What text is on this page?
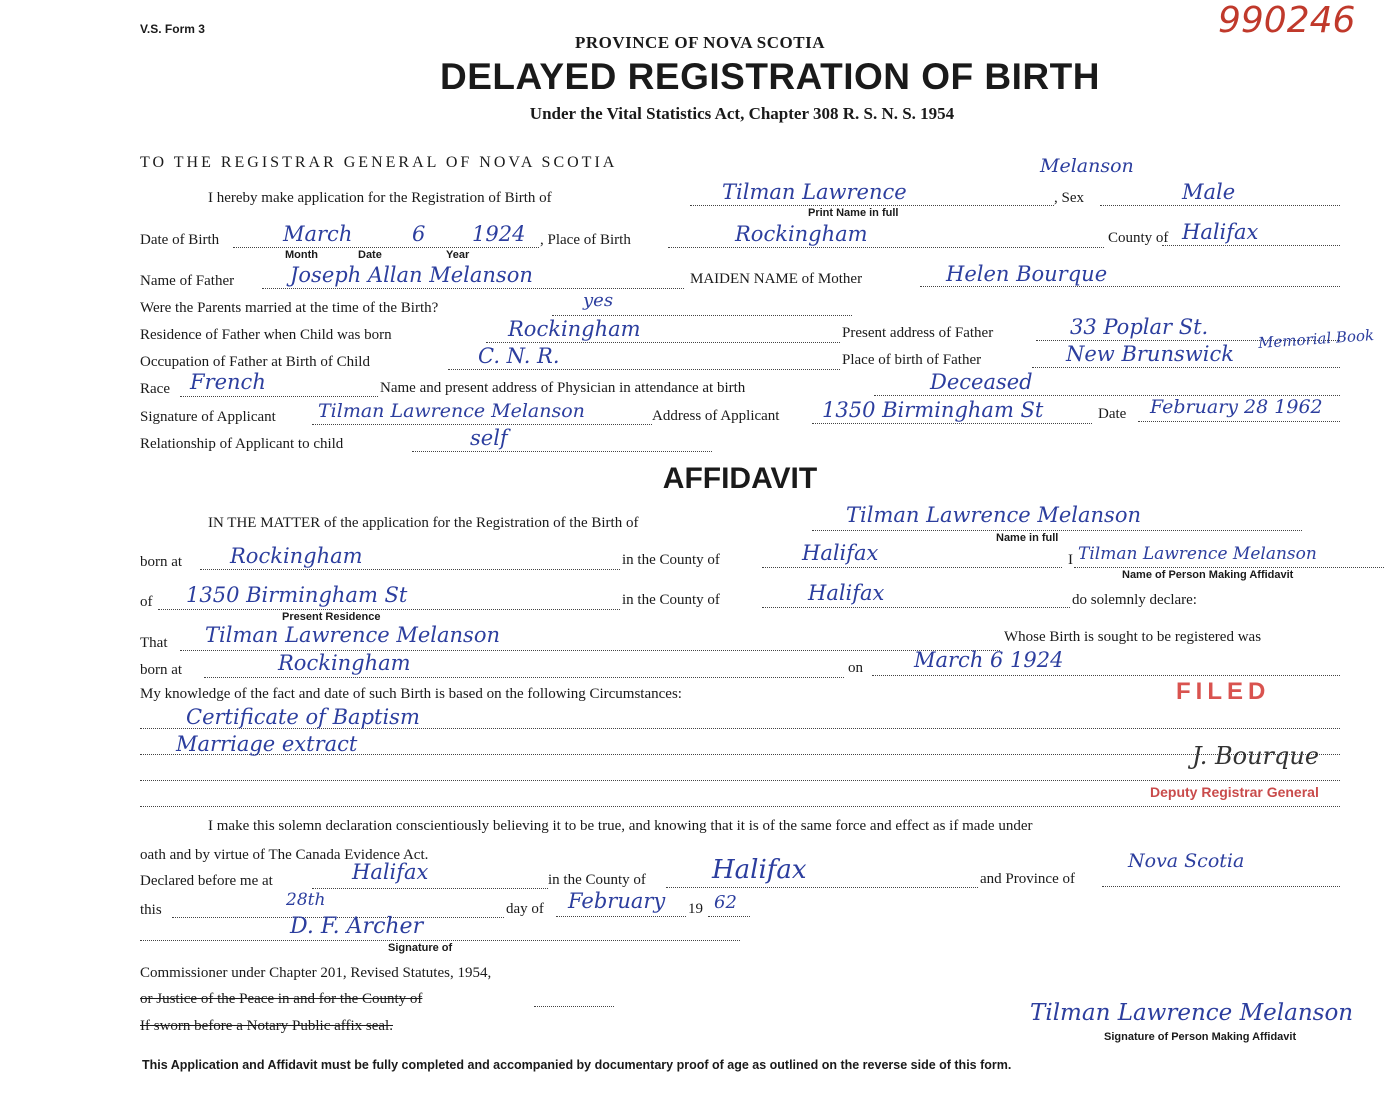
V.S. Form 3	990246
PROVINCE OF NOVA SCOTIA
DELAYED REGISTRATION OF BIRTH
Under the Vital Statistics Act, Chapter 308 R. S. N. S. 1954
TO THE REGISTRAR GENERAL OF NOVA SCOTIA	Melanson
I hereby make application for the Registration of Birth of	Tilman Lawrence	, Sex	Male
Print Name in full
Date of Birth	March	6 1924
Month	Date	Year
, Place of Birth	Rockingham	County of Halifax
Name of Father	Joseph Allan Melanson	MAIDEN NAME of Mother	Helen Bourque
Were the Parents married at the time of the Birth?	yes
Residence of Father when Child was born	Rockingham	Present address of Father	33 Poplar St.	Memorial Book
Occupation of Father at Birth of Child	C. N. R.	Place of birth of Father	New Brunswick
Race French	Name and present address of Physician in attendance at birth	Deceased
Signature of Applicant Tilman Lawrence Melanson	Address of Applicant 1350 Birmingham St	Date February 28 1962
Relationship of Applicant to child	self
AFFIDAVIT
IN THE MATTER of the application for the Registration of the Birth of	Tilman Lawrence Melanson
Name in full
born at Rockingham	in the County of	Halifax	I Tilman Lawrence Melanson
Name of Person Making Affidavit
of 1350 Birmingham St
Present Residence
in the County of	Halifax	do solemnly declare:
That Tilman Lawrence Melanson	Whose Birth is sought to be registered was
born at	Rockingham	on March 6 1924
My knowledge of the fact and date of such Birth is based on the following Circumstances:
Certificate of Baptism
Marriage extract
FILED
J. Bourque
Deputy Registrar General
I make this solemn declaration conscientiously believing it to be true, and knowing that it is of the same force and effect as if made under
oath and by virtue of The Canada Evidence Act.
Declared before me at	Halifax	in the County of	Halifax	and Province of
Nova Scotia
this	28th	day of February 19 62
D. F. Archer
Signature of
Commissioner under Chapter 201, Revised Statutes, 1954,
or Justice of the Peace in and for the County of
If sworn before a Notary Public affix seal.	Tilman Lawrence Melanson
Signature of Person Making Affidavit
This Application and Affidavit must be fully completed and accompanied by documentary proof of age as outlined on the reverse side of this form.
